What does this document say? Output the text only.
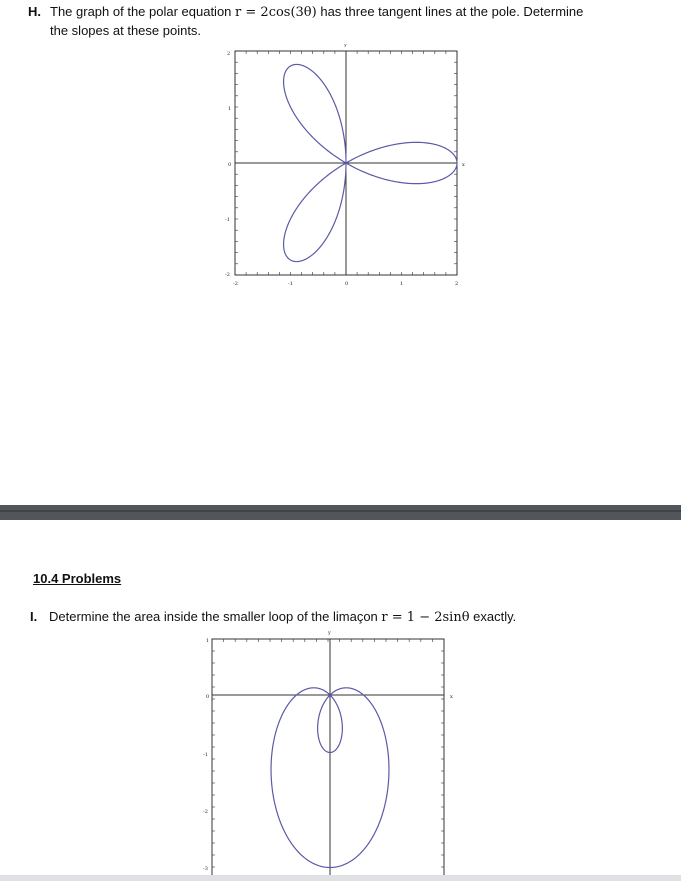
H. The graph of the polar equation r = 2cos(3θ) has three tangent lines at the pole. Determine
the slopes at these points.
x
y
2
1
0
-1
-2
-2	-1	0	1	2
10.4 Problems
I. Determine the area inside the smaller loop of the limaçon r = 1 − 2sinθ exactly.
x
y
1
0
-1
-2
-3
